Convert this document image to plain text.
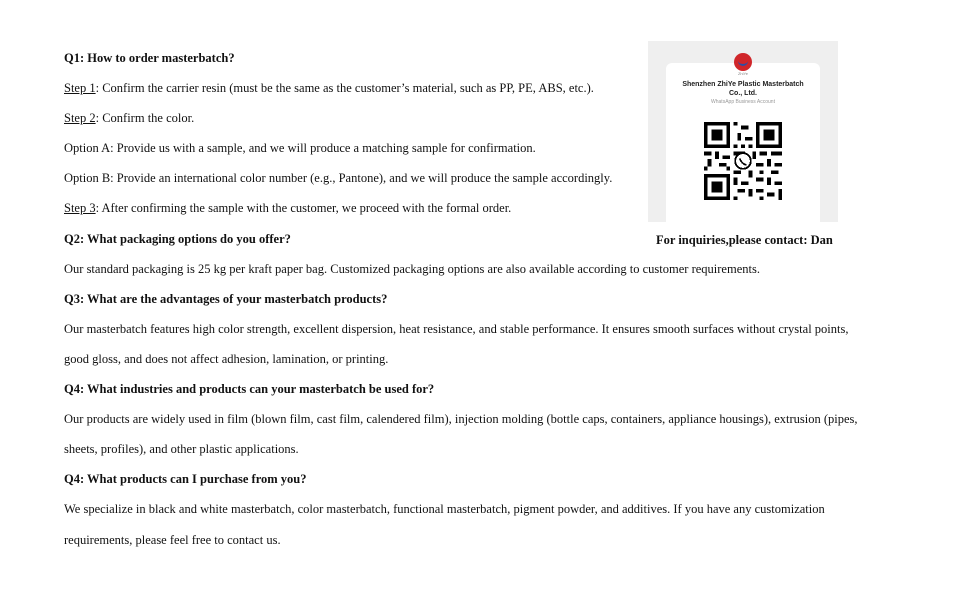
Q1: How to order masterbatch?
Step 1: Confirm the carrier resin (must be the same as the customer’s material, such as PP, PE, ABS, etc.).
Step 2: Confirm the color.
Option A: Provide us with a sample, and we will produce a matching sample for confirmation.
Option B: Provide an international color number (e.g., Pantone), and we will produce the sample accordingly.
Step 3: After confirming the sample with the customer, we proceed with the formal order.
Q2: What packaging options do you offer?
Our standard packaging is 25 kg per kraft paper bag. Customized packaging options are also available according to customer requirements.
Q3: What are the advantages of your masterbatch products?
Our masterbatch features high color strength, excellent dispersion, heat resistance, and stable performance. It ensures smooth surfaces without crystal points,
good gloss, and does not affect adhesion, lamination, or printing.
Q4: What industries and products can your masterbatch be used for?
Our products are widely used in film (blown film, cast film, calendered film), injection molding (bottle caps, containers, appliance housings), extrusion (pipes,
sheets, profiles), and other plastic applications.
Q4: What products can I purchase from you?
We specialize in black and white masterbatch, color masterbatch, functional masterbatch, pigment powder, and additives. If you have any customization
requirements, please feel free to contact us.
ZhiYe
Shenzhen ZhiYe Plastic Masterbatch
Co., Ltd.
WhatsApp Business Account
For inquiries,please contact: Dan
